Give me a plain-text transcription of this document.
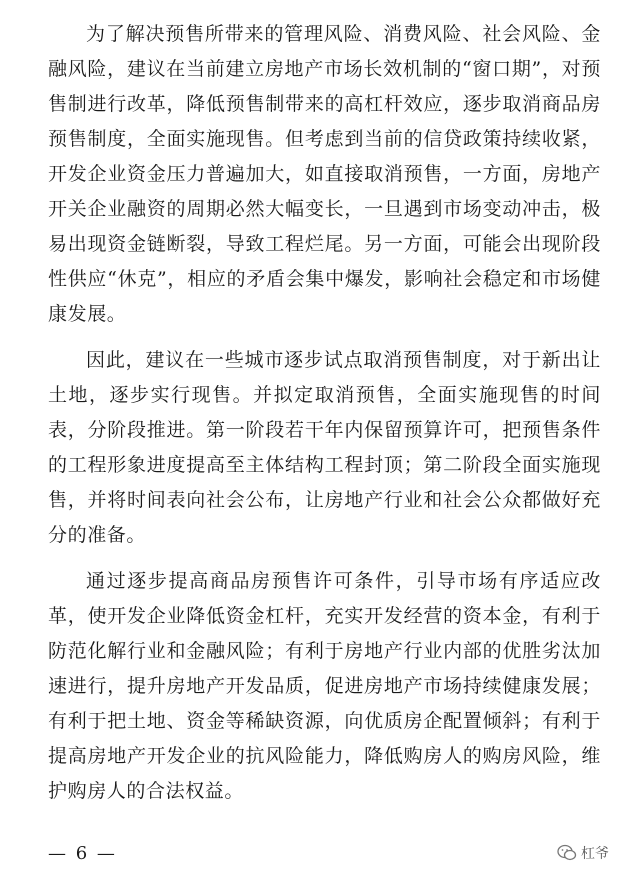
为了解决预售所带来的管理风险、消费风险、社会风险、金融风险，建议在当前建立房地产市场长效机制的“窗口期”，对预售制进行改革，降低预售制带来的高杠杆效应，逐步取消商品房预售制度，全面实施现售。但考虑到当前的信贷政策持续收紧，开发企业资金压力普遍加大，如直接取消预售，一方面，房地产开关企业融资的周期必然大幅变长，一旦遇到市场变动冲击，极易出现资金链断裂，导致工程烂尾。另一方面，可能会出现阶段性供应“休克”，相应的矛盾会集中爆发，影响社会稳定和市场健康发展。

因此，建议在一些城市逐步试点取消预售制度，对于新出让土地，逐步实行现售。并拟定取消预售，全面实施现售的时间表，分阶段推进。第一阶段若干年内保留预算许可，把预售条件的工程形象进度提高至主体结构工程封顶；第二阶段全面实施现售，并将时间表向社会公布，让房地产行业和社会公众都做好充分的准备。

通过逐步提高商品房预售许可条件，引导市场有序适应改革，使开发企业降低资金杠杆，充实开发经营的资本金，有利于防范化解行业和金融风险；有利于房地产行业内部的优胜劣汰加速进行，提升房地产开发品质，促进房地产市场持续健康发展；有利于把土地、资金等稀缺资源，向优质房企配置倾斜；有利于提高房地产开发企业的抗风险能力，降低购房人的购房风险，维护购房人的合法权益。

— 6 —	杠爷
